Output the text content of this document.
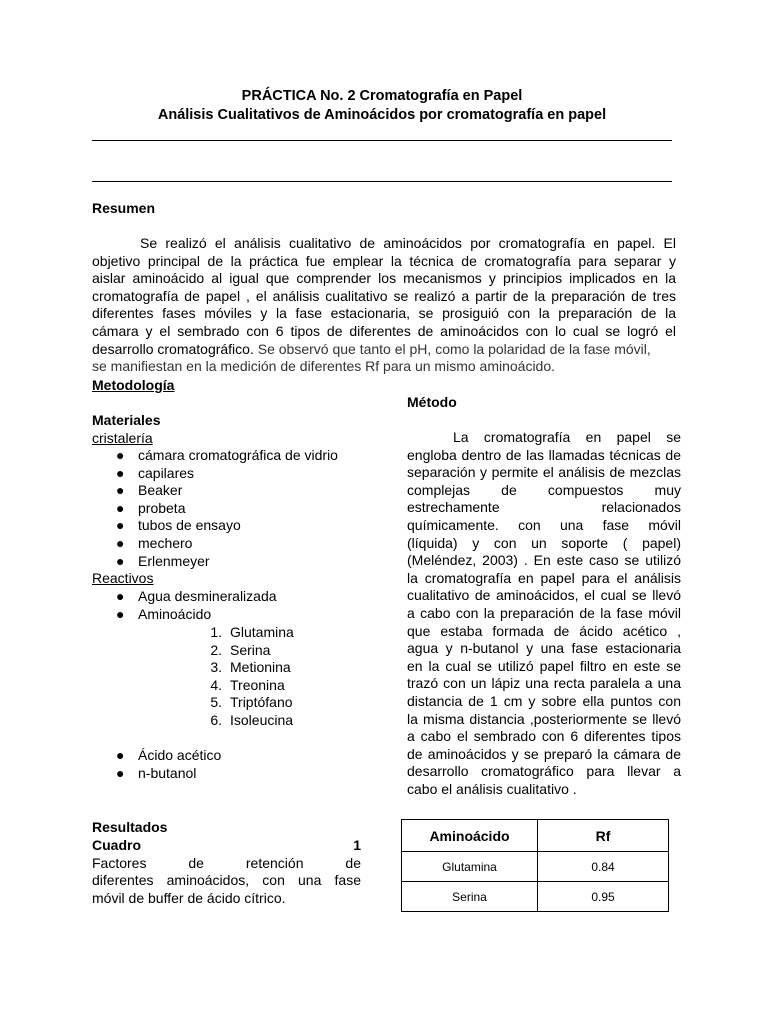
PRÁCTICA No. 2 Cromatografía en Papel
Análisis Cualitativos de Aminoácidos por cromatografía en papel
Resumen
Se realizó el análisis cualitativo de aminoácidos por cromatografía en papel. El
objetivo principal de la práctica fue emplear la técnica de cromatografía para separar y
aislar aminoácido al igual que comprender los mecanismos y principios implicados en la
cromatografía de papel , el análisis cualitativo se realizó a partir de la preparación de tres
diferentes fases móviles y la fase estacionaria, se prosiguió con la preparación de la
cámara y el sembrado con 6 tipos de diferentes de aminoácidos con lo cual se logró el
desarrollo cromatográfico. Se observó que tanto el pH, como la polaridad de la fase móvil,
se manifiestan en la medición de diferentes Rf para un mismo aminoácido.
Metodología
Materiales
cristalería
● cámara cromatográfica de vidrio
● capilares
● Beaker
● probeta
● tubos de ensayo
● mechero
● Erlenmeyer
Reactivos
● Agua desmineralizada
● Aminoácido
1. Glutamina
2. Serina
3. Metionina
4. Treonina
5. Triptófano
6. Isoleucina
● Ácido acético
● n-butanol
Método
La cromatografía en papel se
engloba dentro de las llamadas técnicas de
separación y permite el análisis de mezclas
complejas de compuestos muy
estrechamente relacionados
químicamente. con una fase móvil
(líquida) y con un soporte ( papel)
(Meléndez, 2003) . En este caso se utilizó
la cromatografía en papel para el análisis
cualitativo de aminoácidos, el cual se llevó
a cabo con la preparación de la fase móvil
que estaba formada de ácido acético ,
agua y n-butanol y una fase estacionaria
en la cual se utilizó papel filtro en este se
trazó con un lápiz una recta paralela a una
distancia de 1 cm y sobre ella puntos con
la misma distancia ,posteriormente se llevó
a cabo el sembrado con 6 diferentes tipos
de aminoácidos y se preparó la cámara de
desarrollo cromatográfico para llevar a
cabo el análisis cualitativo .
Resultados
Cuadro 1
Factores de retención de
diferentes aminoácidos, con una fase
móvil de buffer de ácido cítrico.
Aminoácido	Rf
Glutamina	0.84
Serina	0.95
